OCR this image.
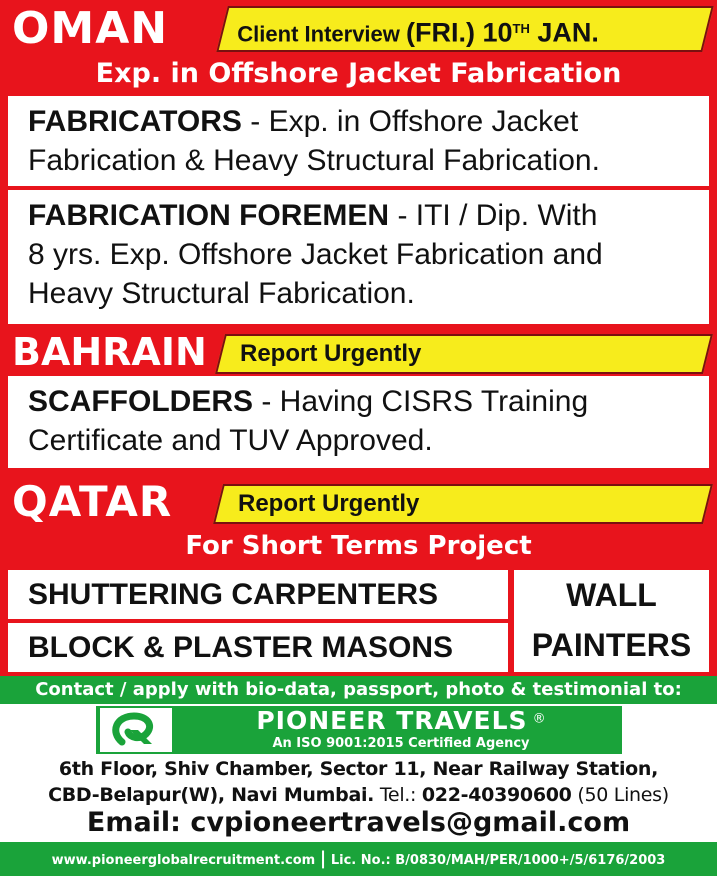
OMAN	Client Interview (FRI.) 10TH JAN.
Exp. in Offshore Jacket Fabrication
FABRICATORS - Exp. in Offshore Jacket
Fabrication & Heavy Structural Fabrication.
FABRICATION FOREMEN - ITI / Dip. With
8 yrs. Exp. Offshore Jacket Fabrication and
Heavy Structural Fabrication.
BAHRAIN	Report Urgently
SCAFFOLDERS - Having CISRS Training
Certificate and TUV Approved.
QATAR	Report Urgently
For Short Terms Project
SHUTTERING CARPENTERS
BLOCK & PLASTER MASONS
WALL
PAINTERS
Contact / apply with bio-data, passport, photo & testimonial to:
PIONEER TRAVELS ®
An ISO 9001:2015 Certified Agency
6th Floor, Shiv Chamber, Sector 11, Near Railway Station,
CBD-Belapur(W), Navi Mumbai. Tel.: 022-40390600 (50 Lines)
Email: cvpioneertravels@gmail.com
www.pioneerglobalrecruitment.com | Lic. No.: B/0830/MAH/PER/1000+/5/6176/2003
